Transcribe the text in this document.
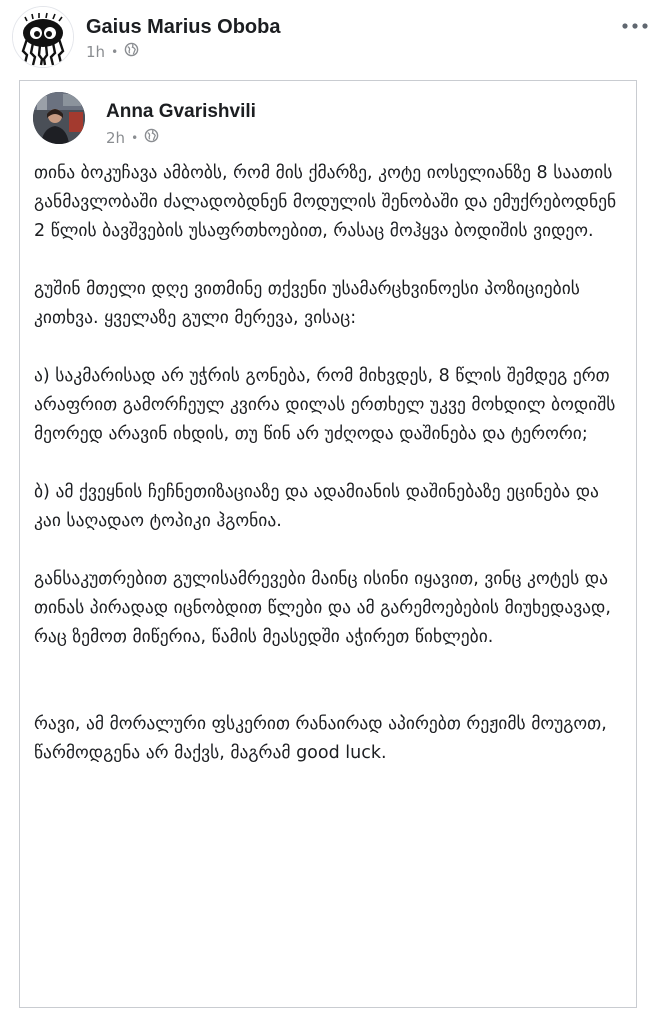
Gaius Marius Oboba
1h •
Anna Gvarishvili
2h •

თინა ბოკუჩავა ამბობს, რომ მის ქმარზე, კოტე იოსელიანზე 8 საათის განმავლობაში ძალადობდნენ მოდულის შენობაში და ემუქრებოდნენ 2 წლის ბავშვების უსაფრთხოებით, რასაც მოჰყვა ბოდიშის ვიდეო.

გუშინ მთელი დღე ვითმინე თქვენი უსამარცხვინოესი პოზიციების კითხვა. ყველაზე გული მერევა, ვისაც:

ა) საკმარისად არ უჭრის გონება, რომ მიხვდეს, 8 წლის შემდეგ ერთ არაფრით გამორჩეულ კვირა დილას ერთხელ უკვე მოხდილ ბოდიშს მეორედ არავინ იხდის, თუ წინ არ უძღოდა დაშინება და ტერორი;

ბ) ამ ქვეყნის ჩეჩნეთიზაციაზე და ადამიანის დაშინებაზე ეცინება და კაი საღადაო ტოპიკი ჰგონია.

განსაკუთრებით გულისამრევები მაინც ისინი იყავით, ვინც კოტეს და თინას პირადად იცნობდით წლები და ამ გარემოებების მიუხედავად, რაც ზემოთ მიწერია, წამის მეასედში აჭირეთ წიხლები.

რავი, ამ მორალური ფსკერით რანაირად აპირებთ რეჟიმს მოუგოთ, წარმოდგენა არ მაქვს, მაგრამ good luck.
